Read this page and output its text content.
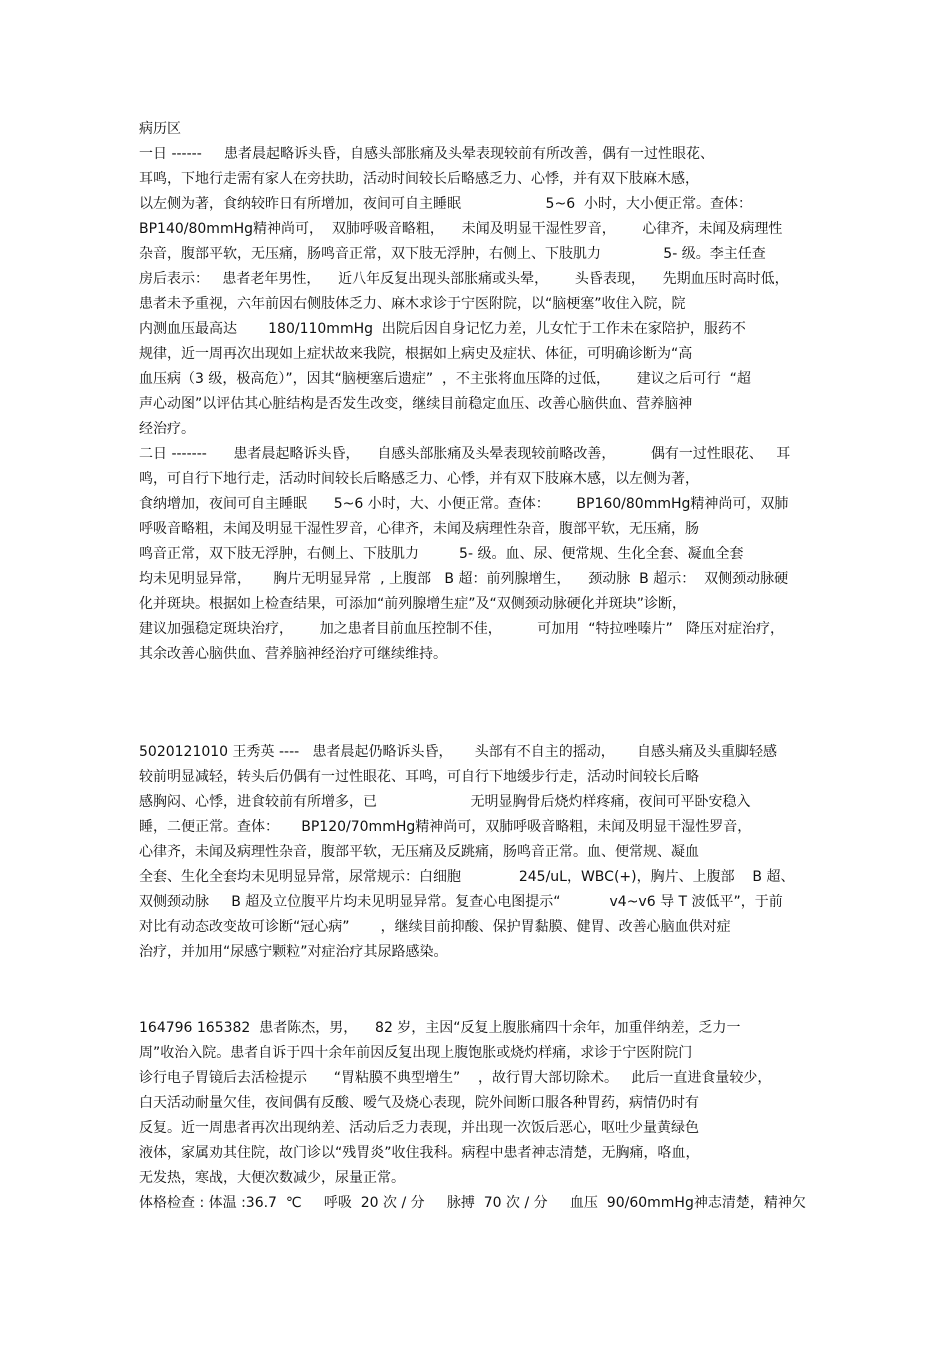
病历区
一日 ------     患者晨起略诉头昏，自感头部胀痛及头晕表现较前有所改善，偶有一过性眼花、
耳鸣，下地行走需有家人在旁扶助，活动时间较长后略感乏力、心悸，并有双下肢麻木感，
以左侧为著，食纳较昨日有所增加，夜间可自主睡眠                   5~6  小时，大小便正常。查体：
BP140/80mmHg精神尚可，  双肺呼吸音略粗，    未闻及明显干湿性罗音，      心律齐，未闻及病理性
杂音，腹部平软，无压痛，肠鸣音正常，双下肢无浮肿，右侧上、下肢肌力              5- 级。李主任查
房后表示：   患者老年男性，    近八年反复出现头部胀痛或头晕，      头昏表现，    先期血压时高时低，
患者未予重视，六年前因右侧肢体乏力、麻木求诊于宁医附院，以“脑梗塞”收住入院，院
内测血压最高达       180/110mmHg  出院后因自身记忆力差，儿女忙于工作未在家陪护，服药不
规律，近一周再次出现如上症状故来我院，根据如上病史及症状、体征，可明确诊断为“高
血压病（3 级，极高危）”，因其“脑梗塞后遗症”  ，不主张将血压降的过低，      建议之后可行  “超
声心动图”以评估其心脏结构是否发生改变，继续目前稳定血压、改善心脑供血、营养脑神
经治疗。
二日 -------      患者晨起略诉头昏，    自感头部胀痛及头晕表现较前略改善，        偶有一过性眼花、   耳
鸣，可自行下地行走，活动时间较长后略感乏力、心悸，并有双下肢麻木感，以左侧为著，
食纳增加，夜间可自主睡眠      5~6 小时，大、小便正常。查体：      BP160/80mmHg精神尚可，双肺
呼吸音略粗，未闻及明显干湿性罗音，心律齐，未闻及病理性杂音，腹部平软，无压痛，肠
鸣音正常，双下肢无浮肿，右侧上、下肢肌力         5- 级。血、尿、便常规、生化全套、凝血全套
均未见明显异常，     胸片无明显异常  , 上腹部   B 超：前列腺增生，    颈动脉  B 超示：  双侧颈动脉硬
化并斑块。根据如上检查结果，可添加“前列腺增生症”及“双侧颈动脉硬化并斑块”诊断，
建议加强稳定斑块治疗，      加之患者目前血压控制不佳，        可加用  “特拉唑嗪片”   降压对症治疗，
其余改善心脑供血、营养脑神经治疗可继续维持。
5020121010 王秀英 ----   患者晨起仍略诉头昏，     头部有不自主的摇动，     自感头痛及头重脚轻感
较前明显减轻，转头后仍偶有一过性眼花、耳鸣，可自行下地缓步行走，活动时间较长后略
感胸闷、心悸，进食较前有所增多，已                     无明显胸骨后烧灼样疼痛，夜间可平卧安稳入
睡，二便正常。查体：     BP120/70mmHg精神尚可，双肺呼吸音略粗，未闻及明显干湿性罗音，
心律齐，未闻及病理性杂音，腹部平软，无压痛及反跳痛，肠鸣音正常。血、便常规、凝血
全套、生化全套均未见明显异常，尿常规示：白细胞             245/uL，WBC(+)，胸片、上腹部    B 超、
双侧颈动脉     B 超及立位腹平片均未见明显异常。复查心电图提示“           v4~v6 导 T 波低平”，于前
对比有动态改变故可诊断“冠心病”       ，继续目前抑酸、保护胃黏膜、健胃、改善心脑血供对症
治疗，并加用“尿感宁颗粒”对症治疗其尿路感染。
164796 165382  患者陈杰，男，    82 岁，主因“反复上腹胀痛四十余年，加重伴纳差，乏力一
周”收治入院。患者自诉于四十余年前因反复出现上腹饱胀或烧灼样痛，求诊于宁医附院门
诊行电子胃镜后去活检提示      “胃粘膜不典型增生”    ，故行胃大部切除术。   此后一直进食量较少，
白天活动耐量欠佳，夜间偶有反酸、嗳气及烧心表现，院外间断口服各种胃药，病情仍时有
反复。近一周患者再次出现纳差、活动后乏力表现，并出现一次饭后恶心，呕吐少量黄绿色
液体，家属劝其住院，故门诊以“残胃炎”收住我科。病程中患者神志清楚，无胸痛，咯血，
无发热，寒战，大便次数减少，尿量正常。
体格检查 : 体温 :36.7  ℃     呼吸  20 次 / 分     脉搏  70 次 / 分     血压  90/60mmHg神志清楚，精神欠
